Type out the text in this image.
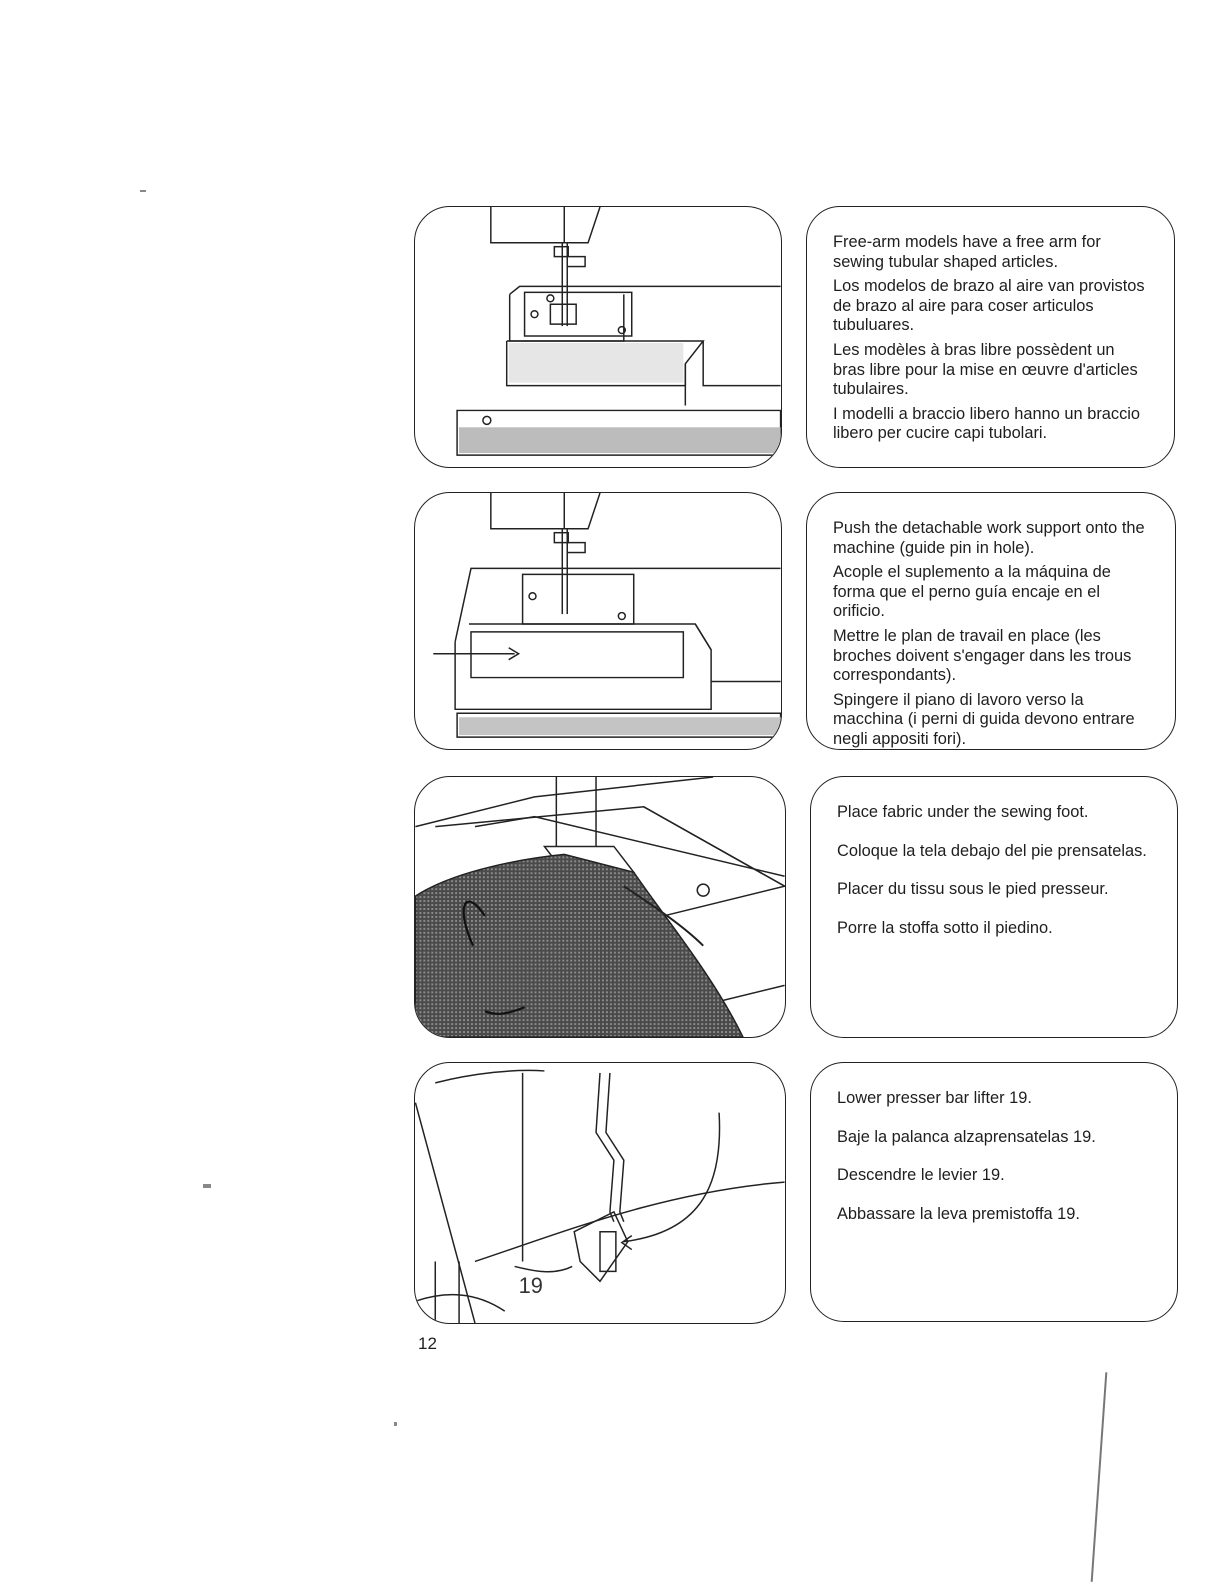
Free-arm models have a free arm for sewing tubular shaped articles.

Los modelos de brazo al aire van provistos de brazo al aire para coser articulos tubuluares.

Les modèles à bras libre possèdent un bras libre pour la mise en œuvre d'articles tubulaires.

I modelli a braccio libero hanno un braccio libero per cucire capi tubolari.

Push the detachable work support onto the machine (guide pin in hole).

Acople el suplemento a la máquina de forma que el perno guía encaje en el orificio.

Mettre le plan de travail en place (les broches doivent s'engager dans les trous correspondants).

Spingere il piano di lavoro verso la macchina (i perni di guida devono entrare negli appositi fori).

Place fabric under the sewing foot.

Coloque la tela debajo del pie prensatelas.

Placer du tissu sous le pied presseur.

Porre la stoffa sotto il piedino.

19

Lower presser bar lifter 19.

Baje la palanca alzaprensatelas 19.

Descendre le levier 19.

Abbassare la leva premistoffa 19.

12
